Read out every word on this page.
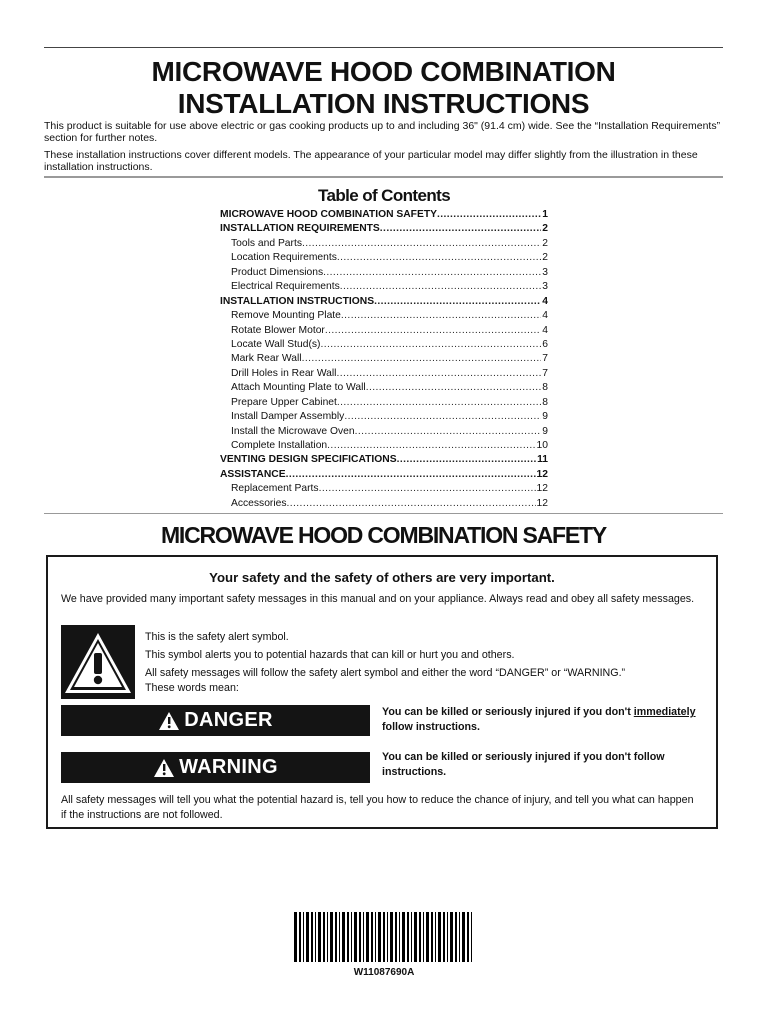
MICROWAVE HOOD COMBINATION
INSTALLATION INSTRUCTIONS
This product is suitable for use above electric or gas cooking products up to and including 36" (91.4 cm) wide. See the “Installation Requirements” section for further notes.
These installation instructions cover different models. The appearance of your particular model may differ slightly from the illustration in these installation instructions.
Table of Contents
MICROWAVE HOOD COMBINATION SAFETY .....	1
INSTALLATION REQUIREMENTS .....	2
Tools and Parts .....	2
Location Requirements .....	2
Product Dimensions .....	3
Electrical Requirements .....	3
INSTALLATION INSTRUCTIONS .....	4
Remove Mounting Plate .....	4
Rotate Blower Motor .....	4
Locate Wall Stud(s) .....	6
Mark Rear Wall .....	7
Drill Holes in Rear Wall .....	7
Attach Mounting Plate to Wall .....	8
Prepare Upper Cabinet .....	8
Install Damper Assembly .....	9
Install the Microwave Oven .....	9
Complete Installation .....	10
VENTING DESIGN SPECIFICATIONS .....	11
ASSISTANCE .....	12
Replacement Parts .....	12
Accessories .....	12
MICROWAVE HOOD COMBINATION SAFETY
Your safety and the safety of others are very important.
We have provided many important safety messages in this manual and on your appliance. Always read and obey all safety messages.
This is the safety alert symbol.
This symbol alerts you to potential hazards that can kill or hurt you and others.
All safety messages will follow the safety alert symbol and either the word “DANGER” or “WARNING.”
These words mean:
DANGER	You can be killed or seriously injured if you don't immediately follow instructions.
WARNING	You can be killed or seriously injured if you don't follow instructions.
All safety messages will tell you what the potential hazard is, tell you how to reduce the chance of injury, and tell you what can happen if the instructions are not followed.
W11087690A
